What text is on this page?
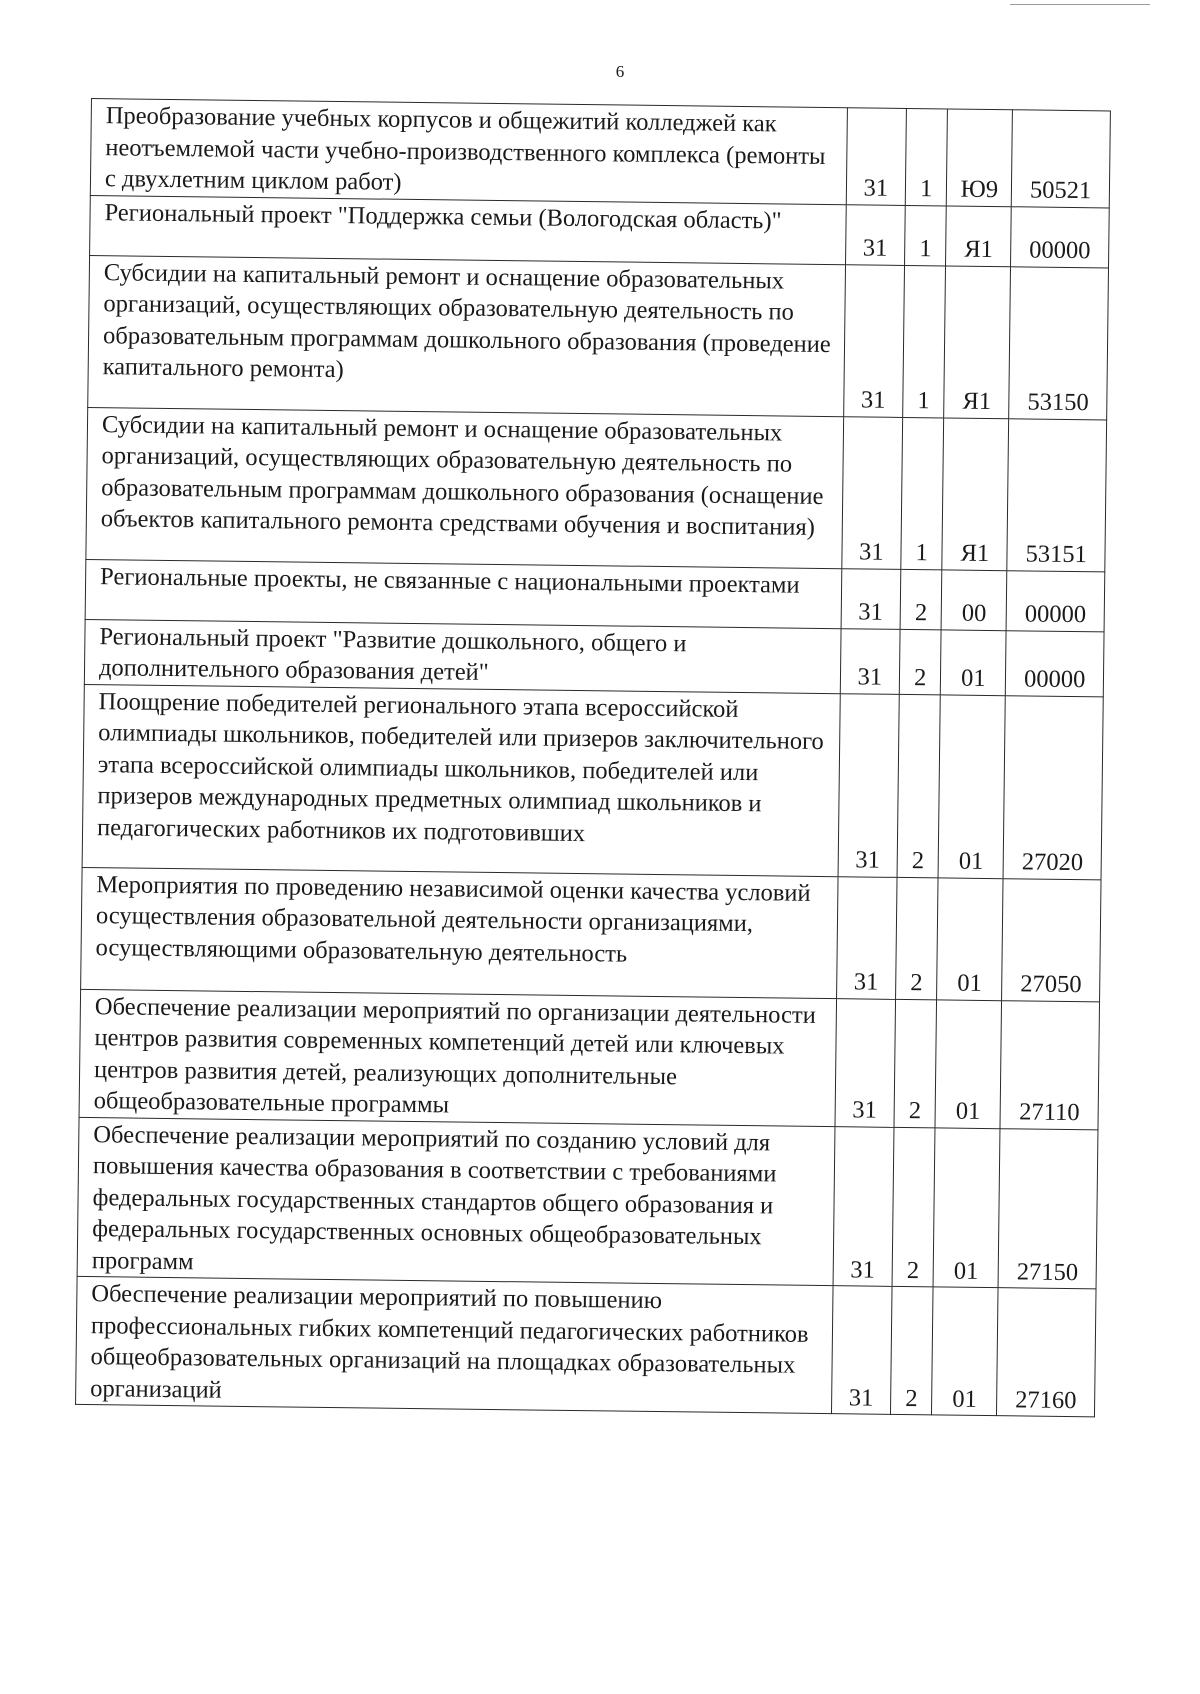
6
Преобразование учебных корпусов и общежитий колледжей как неотъемлемой части учебно-производственного комплекса (ремонты с двухлетним циклом работ)	31	1	Ю9	50521
Региональный проект "Поддержка семьи (Вологодская область)"	31	1	Я1	00000
Субсидии на капитальный ремонт и оснащение образовательных организаций, осуществляющих образовательную деятельность по образовательным программам дошкольного образования (проведение капитального ремонта)	31	1	Я1	53150
Субсидии на капитальный ремонт и оснащение образовательных организаций, осуществляющих образовательную деятельность по образовательным программам дошкольного образования (оснащение объектов капитального ремонта средствами обучения и воспитания)	31	1	Я1	53151
Региональные проекты, не связанные с национальными проектами	31	2	00	00000
Региональный проект "Развитие дошкольного, общего и дополнительного образования детей"	31	2	01	00000
Поощрение победителей регионального этапа всероссийской олимпиады школьников, победителей или призеров заключительного этапа всероссийской олимпиады школьников, победителей или призеров международных предметных олимпиад школьников и педагогических работников их подготовивших	31	2	01	27020
Мероприятия по проведению независимой оценки качества условий осуществления образовательной деятельности организациями, осуществляющими образовательную деятельность	31	2	01	27050
Обеспечение реализации мероприятий по организации деятельности центров развития современных компетенций детей или ключевых центров развития детей, реализующих дополнительные общеобразовательные программы	31	2	01	27110
Обеспечение реализации мероприятий по созданию условий для повышения качества образования в соответствии с требованиями федеральных государственных стандартов общего образования и федеральных государственных основных общеобразовательных программ	31	2	01	27150
Обеспечение реализации мероприятий по повышению профессиональных гибких компетенций педагогических работников общеобразовательных организаций на площадках образовательных организаций	31	2	01	27160
